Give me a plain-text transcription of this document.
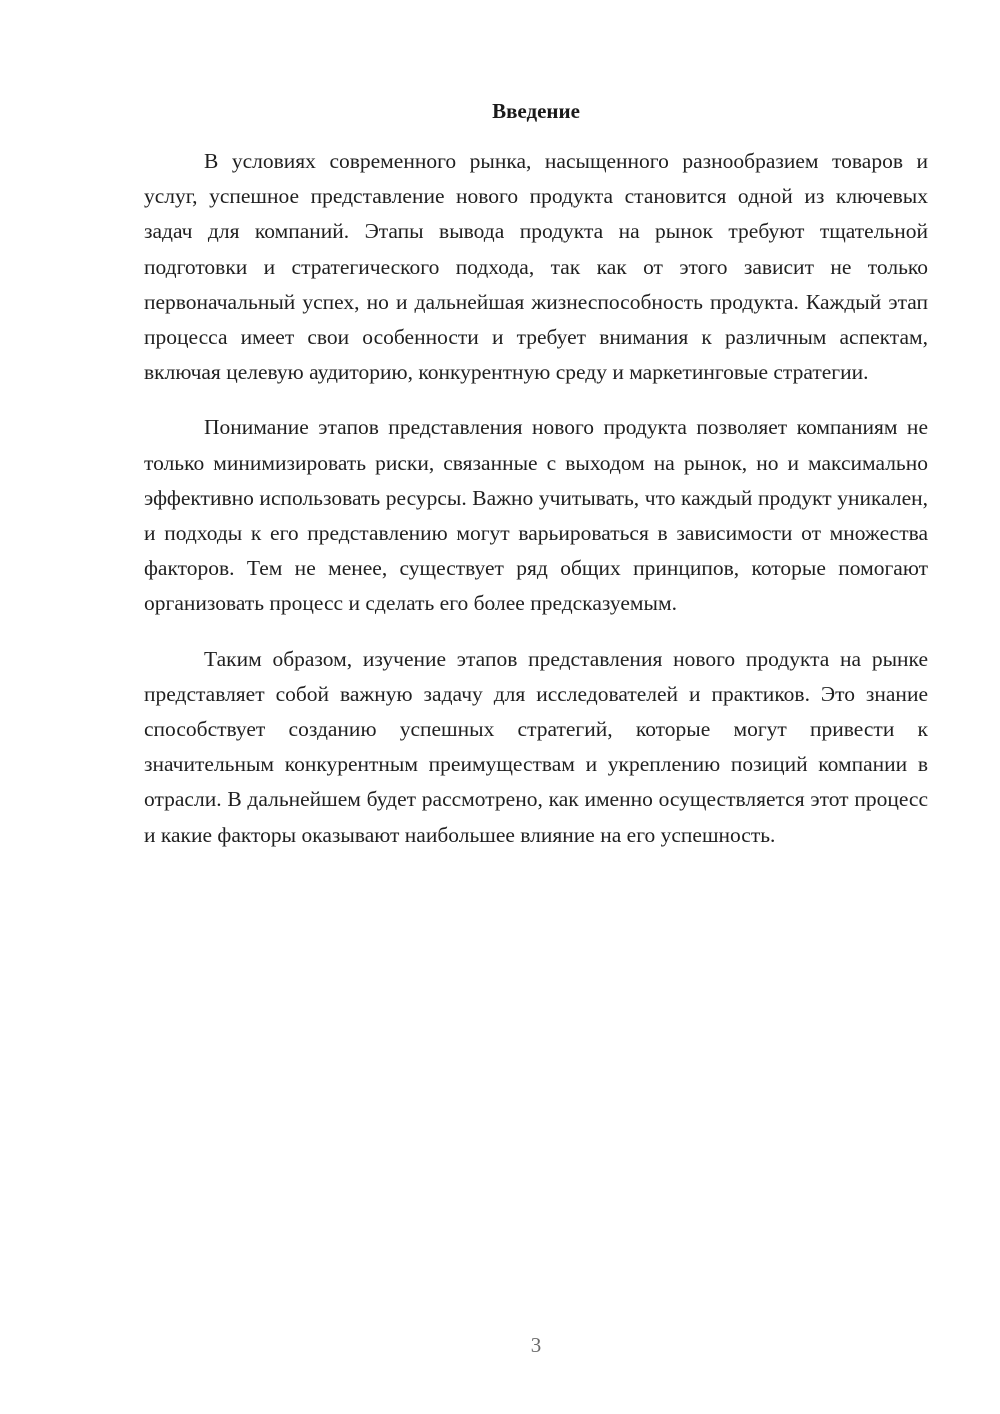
Введение

В условиях современного рынка, насыщенного разнообразием товаров и услуг, успешное представление нового продукта становится одной из ключевых задач для компаний. Этапы вывода продукта на рынок требуют тщательной подготовки и стратегического подхода, так как от этого зависит не только первоначальный успех, но и дальнейшая жизнеспособность продукта. Каждый этап процесса имеет свои особенности и требует внимания к различным аспектам, включая целевую аудиторию, конкурентную среду и маркетинговые стратегии.

Понимание этапов представления нового продукта позволяет компаниям не только минимизировать риски, связанные с выходом на рынок, но и максимально эффективно использовать ресурсы. Важно учитывать, что каждый продукт уникален, и подходы к его представлению могут варьироваться в зависимости от множества факторов. Тем не менее, существует ряд общих принципов, которые помогают организовать процесс и сделать его более предсказуемым.

Таким образом, изучение этапов представления нового продукта на рынке представляет собой важную задачу для исследователей и практиков. Это знание способствует созданию успешных стратегий, которые могут привести к значительным конкурентным преимуществам и укреплению позиций компании в отрасли. В дальнейшем будет рассмотрено, как именно осуществляется этот процесс и какие факторы оказывают наибольшее влияние на его успешность.

3
